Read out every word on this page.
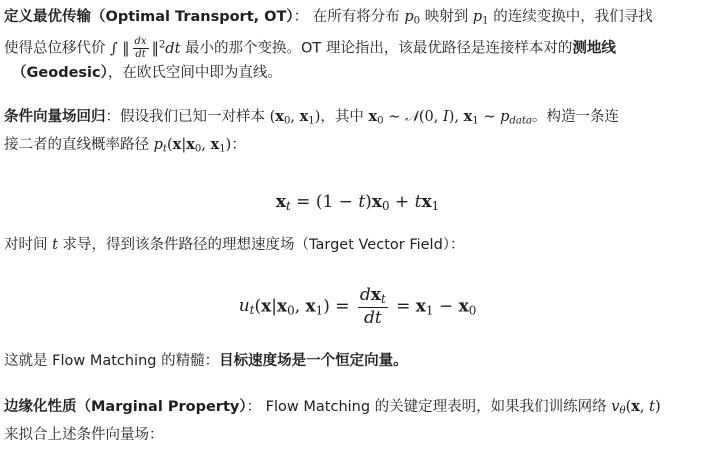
定义最优传输（Optimal Transport, OT）： 在所有将分布 $p_0$ 映射到 $p_1$ 的连续变换中，我们寻找
使得总位移代价 ∫ ‖ $\frac{dx}{dt}$ ‖$^2$dt 最小的那个变换。OT 理论指出，该最优路径是连接样本对的测地线
（Geodesic），在欧氏空间中即为直线。
条件向量场回归：假设我们已知一对样本 ($x_0$, $x_1$)，其中 $x_0$ ∼ 𝒩(0, I), $x_1$ ∼ $p_{data}$。构造一条连
接二者的直线概率路径 $p_t(x|x_0$, $x_1$)：
$x_t = (1 - t)x_0 + tx_1$
对时间 t 求导，得到该条件路径的理想速度场（Target Vector Field）：
$u_t(x|x_0$, $x_1) = \frac{dx_t}{dt} = x_1 - x_0$
这就是 Flow Matching 的精髓：目标速度场是一个恒定向量。
边缘化性质（Marginal Property）： Flow Matching 的关键定理表明，如果我们训练网络 $v_\theta(x$, t)
来拟合上述条件向量场：
